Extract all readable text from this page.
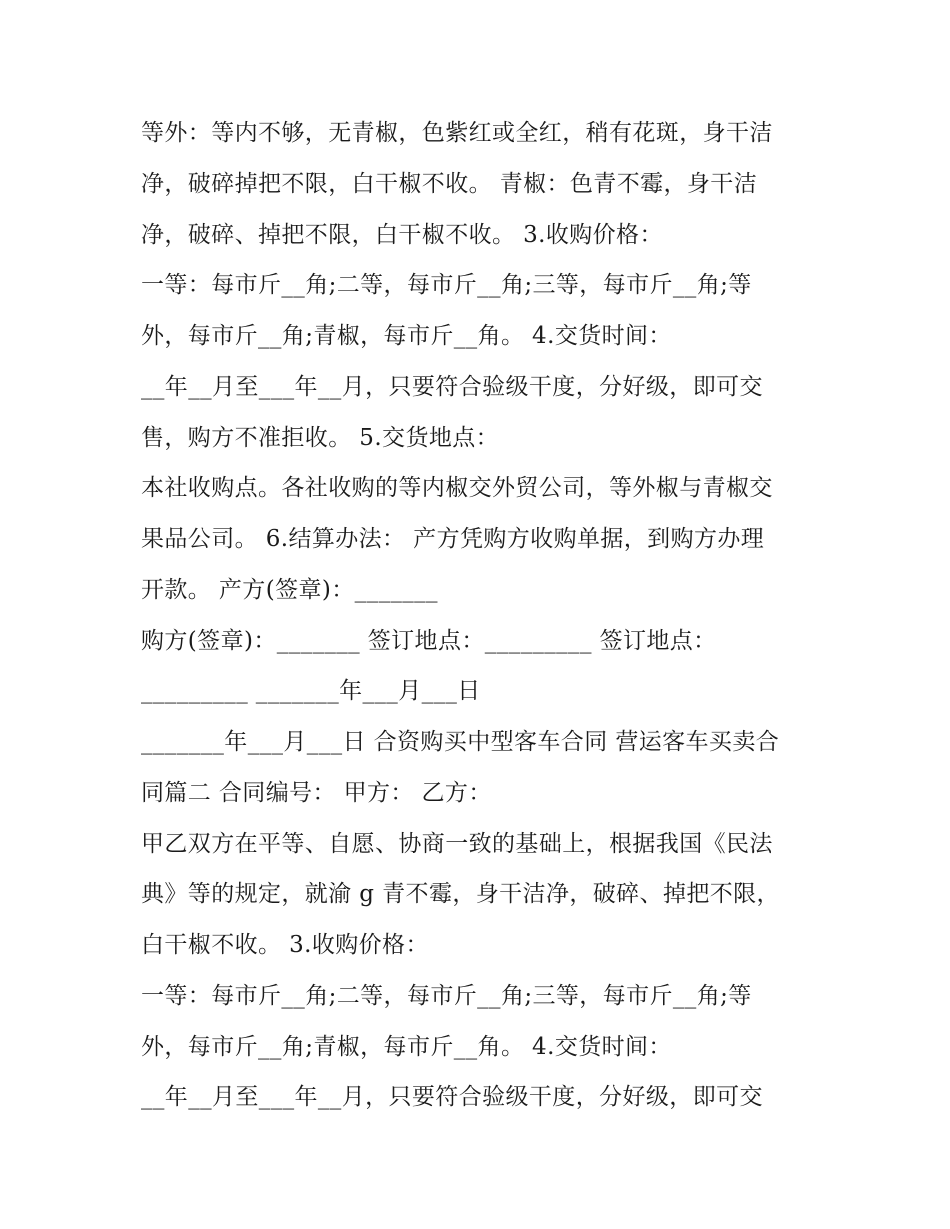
等外：等内不够，无青椒，色紫红或全红，稍有花斑，身干洁
净，破碎掉把不限，白干椒不收。 青椒：色青不霉，身干洁
净，破碎、掉把不限，白干椒不收。 3.收购价格：
一等：每市斤__角;二等，每市斤__角;三等，每市斤__角;等
外，每市斤__角;青椒，每市斤__角。 4.交货时间：
__年__月至___年__月，只要符合验级干度，分好级，即可交
售，购方不准拒收。 5.交货地点：
本社收购点。各社收购的等内椒交外贸公司，等外椒与青椒交
果品公司。 6.结算办法： 产方凭购方收购单据，到购方办理
开款。 产方(签章)：_______
购方(签章)：_______ 签订地点：_________ 签订地点：
_________ _______年___月___日
_______年___月___日 合资购买中型客车合同 营运客车买卖合
同篇二 合同编号： 甲方： 乙方：
甲乙双方在平等、自愿、协商一致的基础上，根据我国《民法
典》等的规定，就渝 g 青不霉，身干洁净，破碎、掉把不限，
白干椒不收。 3.收购价格：
一等：每市斤__角;二等，每市斤__角;三等，每市斤__角;等
外，每市斤__角;青椒，每市斤__角。 4.交货时间：
__年__月至___年__月，只要符合验级干度，分好级，即可交
